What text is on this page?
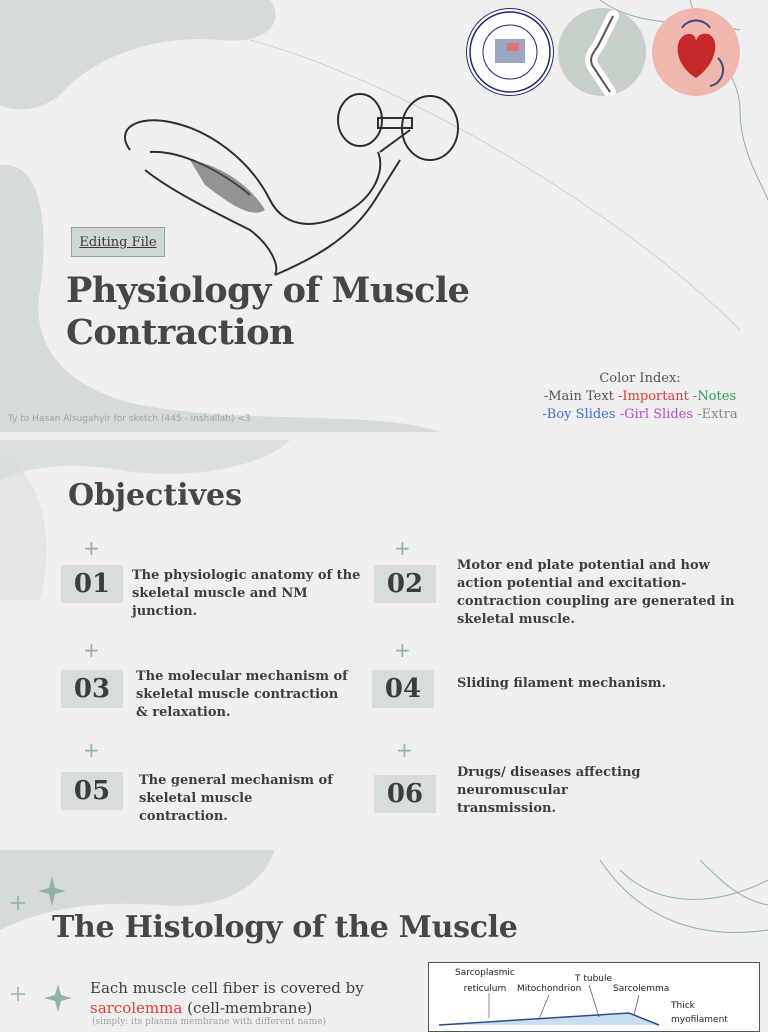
Editing File
Physiology of Muscle
Contraction
Ty to Hasan Alsugahyir for sketch (445 - inshallah) <3
Color Index:
-Main Text -Important -Notes
-Boy Slides -Girl Slides -Extra
Objectives
+
01	The physiologic anatomy of the skeletal muscle and NM junction.
+
02
Motor end plate potential and how action potential and excitation-contraction coupling are generated in skeletal muscle.
+
03	The molecular mechanism of skeletal muscle contraction & relaxation.
+
04	Sliding filament mechanism.
+
05	The general mechanism of skeletal muscle contraction.
+
06
Drugs/ diseases affecting neuromuscular transmission.
The Histology of the Muscle
Each muscle cell fiber is covered by
sarcolemma (cell-membrane)
(simply: its plasma membrane with different name)
Sarcoplasmic
reticulum	Mitochondrion
T tubule
Sarcolemma
Thick
myofilament
